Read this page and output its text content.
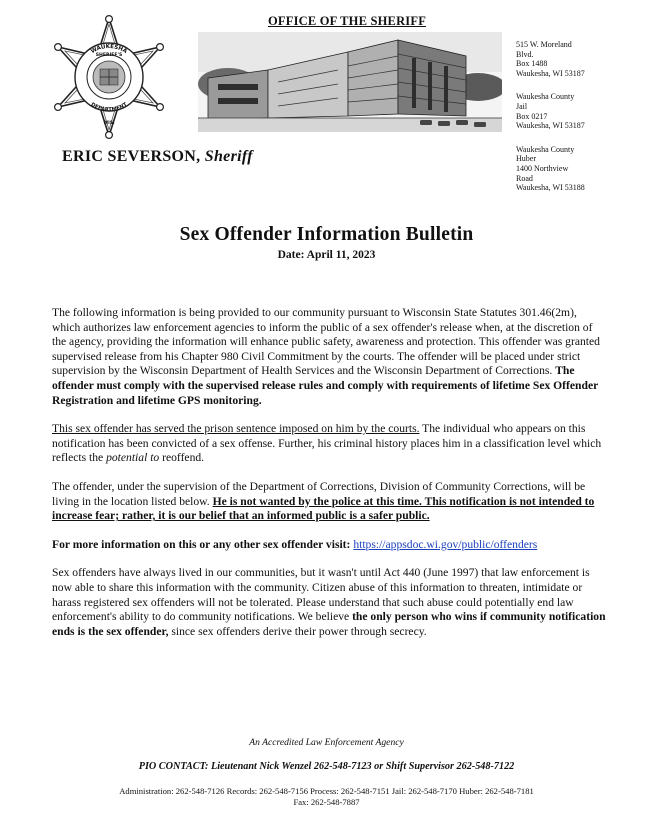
WAUKESHA
DEPARTMENT
SHERIFF'S
WIS.
OFFICE OF THE SHERIFF
ERIC SEVERSON, Sheriff
515 W. Moreland
Blvd.
Box 1488
Waukesha, WI 53187
Waukesha County
Jail
Box 0217
Waukesha, WI 53187
Waukesha County
Huber
1400 Northview
Road
Waukesha, WI 53188
Sex Offender Information Bulletin
Date: April 11, 2023

The following information is being provided to our community pursuant to Wisconsin State Statutes 301.46(2m), which authorizes law enforcement agencies to inform the public of a sex offender's release when, at the discretion of the agency, providing the information will enhance public safety, awareness and protection. This offender was granted supervised release from his Chapter 980 Civil Commitment by the courts. The offender will be placed under strict supervision by the Wisconsin Department of Health Services and the Wisconsin Department of Corrections. The offender must comply with the supervised release rules and comply with requirements of lifetime Sex Offender Registration and lifetime GPS monitoring.

This sex offender has served the prison sentence imposed on him by the courts. The individual who appears on this notification has been convicted of a sex offense. Further, his criminal history places him in a classification level which reflects the potential to reoffend.

The offender, under the supervision of the Department of Corrections, Division of Community Corrections, will be living in the location listed below. He is not wanted by the police at this time. This notification is not intended to increase fear; rather, it is our belief that an informed public is a safer public.

For more information on this or any other sex offender visit: https://appsdoc.wi.gov/public/offenders

Sex offenders have always lived in our communities, but it wasn't until Act 440 (June 1997) that law enforcement is now able to share this information with the community. Citizen abuse of this information to threaten, intimidate or harass registered sex offenders will not be tolerated. Please understand that such abuse could potentially end law enforcement's ability to do community notifications. We believe the only person who wins if community notification ends is the sex offender, since sex offenders derive their power through secrecy.

An Accredited Law Enforcement Agency
PIO CONTACT: Lieutenant Nick Wenzel 262-548-7123 or Shift Supervisor 262-548-7122
Administration: 262-548-7126 Records: 262-548-7156 Process: 262-548-7151 Jail: 262-548-7170 Huber: 262-548-7181
Fax: 262-548-7887
